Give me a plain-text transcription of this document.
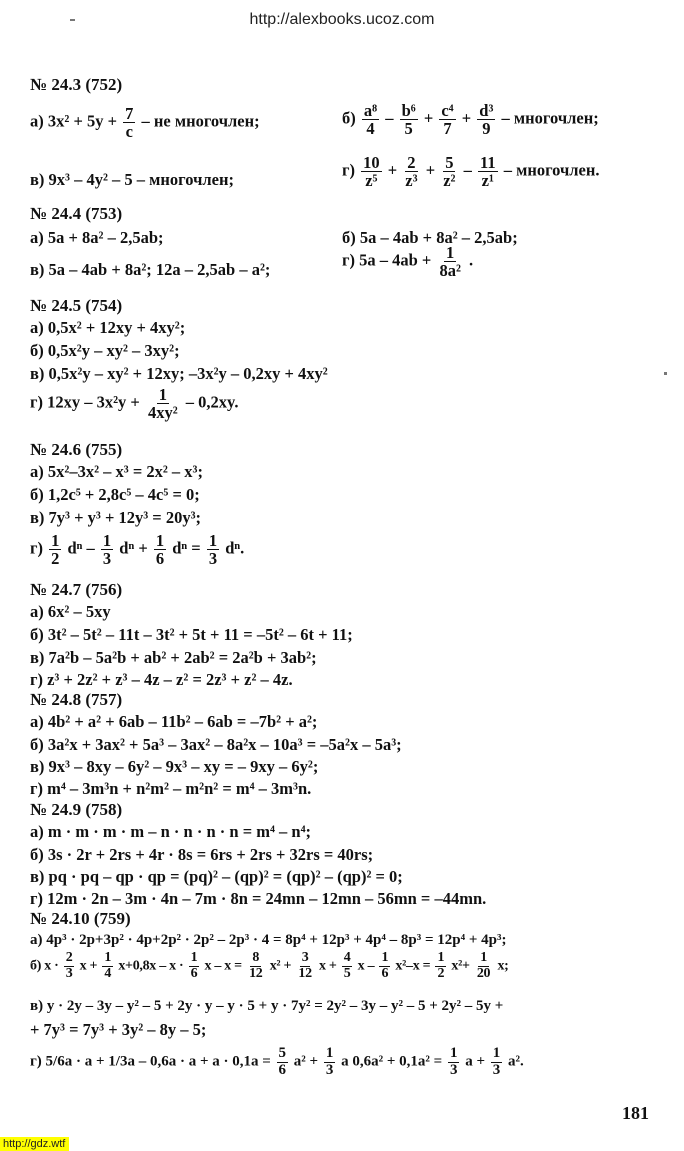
http://alexbooks.ucoz.com
№ 24.3 (752)
а) $3x^2 + 5y + \frac{7}{c}$ – не многочлен;	$б) \frac{\text{a⁸}}{4} - \frac{\text{b⁶}}{5} + \frac{\text{c⁴}}{7} + \frac{\text{d³}}{9}$ – многочлен;
в) 9x³ – 4y² – 5 – многочлен;	$г) \frac{10}{\text{z⁵}} + \frac{2}{\text{z³}} + \frac{5}{\text{z²}} - \frac{11}{\text{z¹}}$ – многочлен.
№ 24.4 (753)
а) 5a + 8a² – 2,5ab;	б) 5a – 4ab + 8a² – 2,5ab;
в) 5a – 4ab + 8a²; 12a – 2,5ab – a²;	г) $5a - 4ab + \frac{1}{\text{8a²}}$ .
№ 24.5 (754)
а) 0,5x² + 12xy + 4xy²;
б) 0,5x²y – xy² – 3xy²;
в) 0,5x²y – xy² + 12xy; –3x²y – 0,2xy + 4xy²
г) $12xy - 3x^2y + \frac{1}{\text{4xy²}} - 0,2xy$.
№ 24.6 (755)
а) 5x²–3x² – x³ = 2x² – x³;
б) 1,2c⁵ + 2,8c⁵ – 4c⁵ = 0;
в) 7y³ + y³ + 12y³ = 20y³;
$г) \frac{1}{2}$ dⁿ – $\frac{1}{3}$ $d^n + \frac{1}{6}$ $d^n = \frac{1}{3} d^n$.
№ 24.7 (756)
а) 6x² – 5xy
б) 3t² – 5t² – 11t – 3t² + 5t + 11 = –5t² – 6t + 11;
в) 7a²b – 5a²b + ab² + 2ab² = 2a²b + 3ab²;
г) z³ + 2z² + z³ – 4z – z² = 2z³ + z² – 4z.
№ 24.8 (757)
а) 4b² + a² + 6ab – 11b² – 6ab = –7b² + a²;
б) 3a²x + 3ax² + 5a³ – 3ax² – 8a²x – 10a³ = –5a²x – 5a³;
в) 9x³ – 8xy – 6y² – 9x³ – xy = – 9xy – 6y²;
г) m⁴ – 3m³n + n²m² – m²n² = m⁴ – 3m³n.
№ 24.9 (758)
а) m · m · m · m – n · n · n · n = m⁴ – n⁴;
б) 3s · 2r + 2rs + 4r · 8s = 6rs + 2rs + 32rs = 40rs;
в) pq · pq – qp · qp = (pq)² – (qp)² = (qp)² – (qp)² = 0;
г) 12m · 2n – 3m · 4n – 7m · 8n = 24mn – 12mn – 56mn = –44mn.
№ 24.10 (759)
а) 4p³ · 2p+3p² · 4p+2p² · 2p² – 2p³ · 4 = 8p⁴ + 12p³ + 4p⁴ – 8p³ = 12p⁴ + 4p³;
б) $x \cdot \frac{2}{3}$ $x + \frac{1}{4} x+0,8x - x \cdot \frac{1}{6}$ $x - x = \frac{8}{12} x^2 + \frac{3}{12}$ $x + \frac{4}{5}$ $x - \frac{1}{6} x^2-x = \frac{1}{2} x^2+ \frac{1}{20} x$;
в) y · 2y – 3y – y² – 5 + 2y · y – y · 5 + y · 7y² = 2y² – 3y – y² – 5 + 2y² – 5y +
+ 7y³ = 7y³ + 3y² – 8y – 5;
г) $5/6a \cdot a + 1/3a - 0,6a \cdot a + a \cdot 0,1a = \frac{5}{6} a^2 + \frac{1}{3}$ a $0,6a^2 + 0,1a^2 = \frac{1}{3}$ $a + \frac{1}{3} a^2$.
181
http://gdz.wtf
